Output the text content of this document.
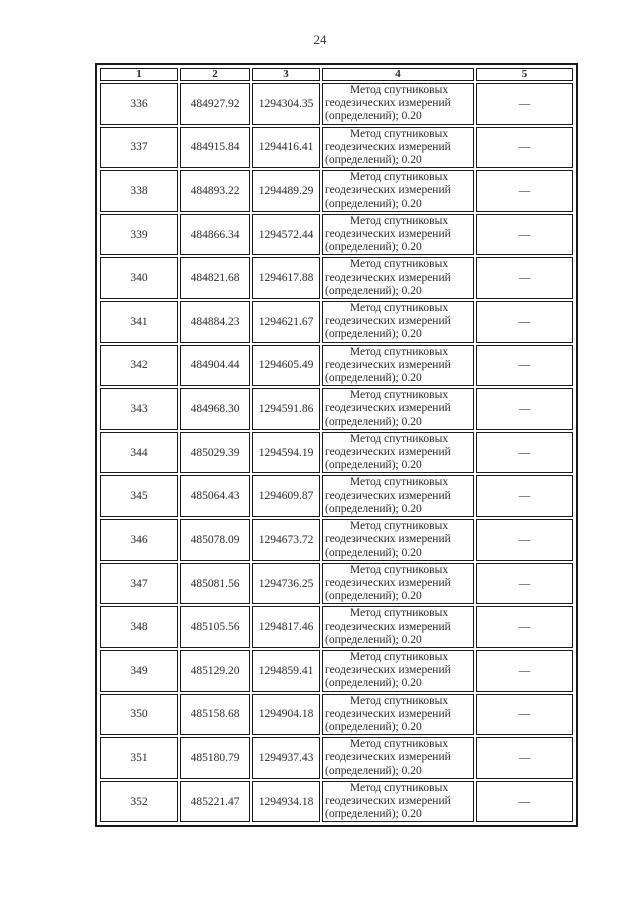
24
1	2	3	4	5
336	484927.92	1294304.35	Метод спутниковых
геодезических измерений
(определений); 0.20	—
337	484915.84	1294416.41	Метод спутниковых
геодезических измерений
(определений); 0.20	—
338	484893.22	1294489.29	Метод спутниковых
геодезических измерений
(определений); 0.20	—
339	484866.34	1294572.44	Метод спутниковых
геодезических измерений
(определений); 0.20	—
340	484821.68	1294617.88	Метод спутниковых
геодезических измерений
(определений); 0.20	—
341	484884.23	1294621.67	Метод спутниковых
геодезических измерений
(определений); 0.20	—
342	484904.44	1294605.49	Метод спутниковых
геодезических измерений
(определений); 0.20	—
343	484968.30	1294591.86	Метод спутниковых
геодезических измерений
(определений); 0.20	—
344	485029.39	1294594.19	Метод спутниковых
геодезических измерений
(определений); 0.20	—
345	485064.43	1294609.87	Метод спутниковых
геодезических измерений
(определений); 0.20	—
346	485078.09	1294673.72	Метод спутниковых
геодезических измерений
(определений); 0.20	—
347	485081.56	1294736.25	Метод спутниковых
геодезических измерений
(определений); 0.20	—
348	485105.56	1294817.46	Метод спутниковых
геодезических измерений
(определений); 0.20	—
349	485129.20	1294859.41	Метод спутниковых
геодезических измерений
(определений); 0.20	—
350	485158.68	1294904.18	Метод спутниковых
геодезических измерений
(определений); 0.20	—
351	485180.79	1294937.43	Метод спутниковых
геодезических измерений
(определений); 0.20	—
352	485221.47	1294934.18	Метод спутниковых
геодезических измерений
(определений); 0.20	—
